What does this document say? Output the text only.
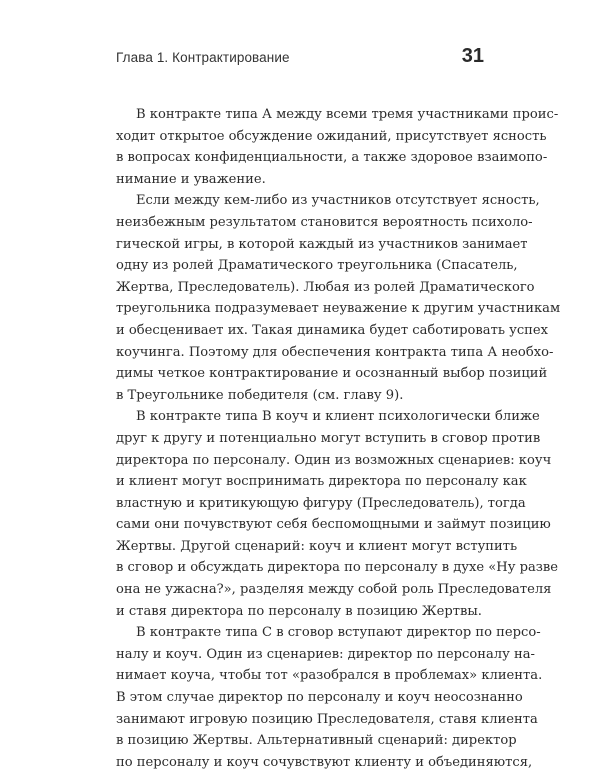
Глава 1. Контрактирование	31
В контракте типа А между всеми тремя участниками проис-
ходит открытое обсуждение ожиданий, присутствует ясность
в вопросах конфиденциальности, а также здоровое взаимопо-
нимание и уважение.
Если между кем-либо из участников отсутствует ясность,
неизбежным результатом становится вероятность психоло-
гической игры, в которой каждый из участников занимает
одну из ролей Драматического треугольника (Спасатель,
Жертва, Преследователь). Любая из ролей Драматического
треугольника подразумевает неуважение к другим участникам
и обесценивает их. Такая динамика будет саботировать успех
коучинга. Поэтому для обеспечения контракта типа А необхо-
димы четкое контрактирование и осознанный выбор позиций
в Треугольнике победителя (см. главу 9).
В контракте типа В коуч и клиент психологически ближе
друг к другу и потенциально могут вступить в сговор против
директора по персоналу. Один из возможных сценариев: коуч
и клиент могут воспринимать директора по персоналу как
властную и критикующую фигуру (Преследователь), тогда
сами они почувствуют себя беспомощными и займут позицию
Жертвы. Другой сценарий: коуч и клиент могут вступить
в сговор и обсуждать директора по персоналу в духе «Ну разве
она не ужасна?», разделяя между собой роль Преследователя
и ставя директора по персоналу в позицию Жертвы.
В контракте типа С в сговор вступают директор по персо-
налу и коуч. Один из сценариев: директор по персоналу на-
нимает коуча, чтобы тот «разобрался в проблемах» клиента.
В этом случае директор по персоналу и коуч неосознанно
занимают игровую позицию Преследователя, ставя клиента
в позицию Жертвы. Альтернативный сценарий: директор
по персоналу и коуч сочувствуют клиенту и объединяются,
